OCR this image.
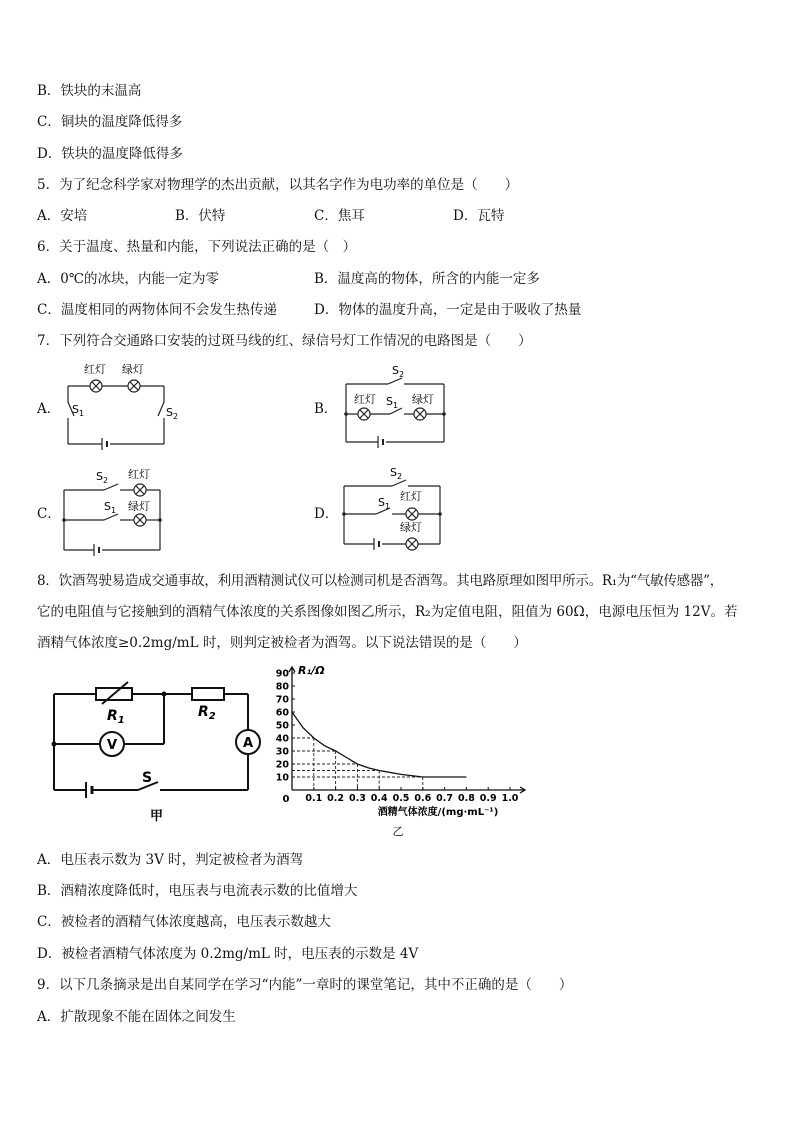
B．铁块的末温高
C．铜块的温度降低得多
D．铁块的温度降低得多
5．为了纪念科学家对物理学的杰出贡献，以其名字作为电功率的单位是（　　）
A．安培	B．伏特	C．焦耳	D．瓦特
6．关于温度、热量和内能，下列说法正确的是（　）
A．0℃的冰块，内能一定为零	B．温度高的物体，所含的内能一定多
C．温度相同的两物体间不会发生热传递	D．物体的温度升高，一定是由于吸收了热量
7．下列符合交通路口安装的过斑马线的红、绿信号灯工作情况的电路图是（　　）
A．	B．
C．	D．
红灯 绿灯
$S_1$	$S_2$
$S_2$
红灯 $S_1$ 绿灯
$S_2$ 红灯
$S_1$ 绿灯
$S_2$
$S_1$
红灯
绿灯
8．饮酒驾驶易造成交通事故，利用酒精测试仪可以检测司机是否酒驾。其电路原理如图甲所示。R₁为“气敏传感器”，
它的电阻值与它接触到的酒精气体浓度的关系图像如图乙所示，R₂为定值电阻，阻值为 60Ω，电源电压恒为 12V。若
酒精气体浓度≥0.2mg/mL 时，则判定被检者为酒驾。以下说法错误的是（　　）
$R_1$
$R_2$
V	A
S
甲
0.1 0.2 0.3 0.4 0.5 0.6 0.7 0.8 0.9 1.0
10
20
30
40
50
60
70
80
90 R₁/Ω
0
酒精气体浓度/(mg·mL⁻¹)
乙
A．电压表示数为 3V 时，判定被检者为酒驾
B．酒精浓度降低时，电压表与电流表示数的比值增大
C．被检者的酒精气体浓度越高，电压表示数越大
D．被检者酒精气体浓度为 0.2mg/mL 时，电压表的示数是 4V
9．以下几条摘录是出自某同学在学习“内能”一章时的课堂笔记，其中不正确的是（　　）
A．扩散现象不能在固体之间发生
